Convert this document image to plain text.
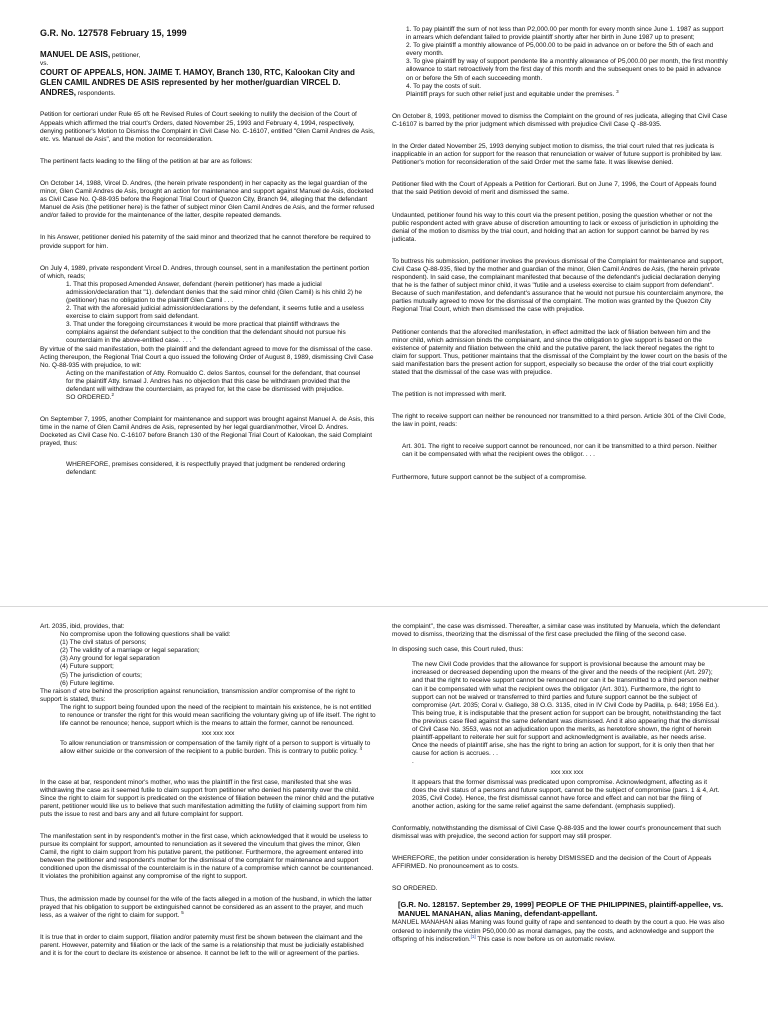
G.R. No. 127578 February 15, 1999
MANUEL DE ASIS, petitioner,
vs.
COURT OF APPEALS, HON. JAIME T. HAMOY, Branch 130, RTC, Kalookan City and GLEN CAMIL ANDRES DE ASIS represented by her mother/guardian VIRCEL D. ANDRES, respondents.

Petition for certiorari under Rule 65 oft he Revised Rules of Court seeking to nullify the decision of the Court of Appeals which affirmed the trial court's Orders, dated November 25, 1993 and February 4, 1994, respectively, denying petitioner's Motion to Dismiss the Complaint in Civil Case No. C-16107, entitled "Glen Camil Andres de Asis, etc. vs. Manuel de Asis", and the motion for reconsideration.

The pertinent facts leading to the filing of the petition at bar are as follows:

On October 14, 1988, Vircel D. Andres, (the herein private respondent) in her capacity as the legal guardian of the minor, Glen Camil Andres de Asis, brought an action for maintenance and support against Manuel de Asis, docketed as Civil Case No. Q-88-935 before the Regional Trial Court of Quezon City, Branch 94, alleging that the defendant Manuel de Asis (the petitioner here) is the father of subject minor Glen Camil Andres de Asis, and the former refused and/or failed to provide for the maintenance of the latter, despite repeated demands.

In his Answer, petitioner denied his paternity of the said minor and theorized that he cannot therefore be required to provide support for him.

On July 4, 1989, private respondent Vircel D. Andres, through counsel, sent in a manifestation the pertinent portion of which, reads;

1. That this proposed Amended Answer, defendant (herein petitioner) has made a judicial admission/declaration that "1). defendant denies that the said minor child (Glen Camil) is his child 2) he (petitioner) has no obligation to the plaintiff Glen Camil . . .
2. That with the aforesaid judicial admission/declarations by the defendant, it seems futile and a useless exercise to claim support from said defendant.
3. That under the foregoing circumstances it would be more practical that plaintiff withdraws the complains against the defendant subject to the condition that the defendant should not pursue his counterclaim in the above-entitled case. . . . $^1$

By virtue of the said manifestation, both the plaintiff and the defendant agreed to move for the dismissal of the case. Acting thereupon, the Regional Trial Court a quo issued the following Order of August 8, 1989, dismissing Civil Case No. Q-88-935 with prejudice, to wit:

Acting on the manifestation of Atty. Romualdo C. delos Santos, counsel for the defendant, that counsel for the plaintiff Atty. Ismael J. Andres has no objection that this case be withdrawn provided that the defendant will withdraw the counterclaim, as prayed for, let the case be dismissed with prejudice.
SO ORDERED.$^2$

On September 7, 1995, another Complaint for maintenance and support was brought against Manuel A. de Asis, this time in the name of Glen Camil Andres de Asis, represented by her legal guardian/mother, Vircel D. Andres. Docketed as Civil Case No. C-16107 before Branch 130 of the Regional Trial Court of Kalookan, the said Complaint prayed, thus:

WHEREFORE, premises considered, it is respectfully prayed that judgment be rendered ordering defendant:

1. To pay plaintiff the sum of not less than P2,000.00 per month for every month since June 1. 1987 as support in arrears which defendant failed to provide plaintiff shortly after her birth in June 1987 up to present;
2. To give plaintiff a monthly allowance of P5,000.00 to be paid in advance on or before the 5th of each and every month.
3. To give plaintiff by way of support pendente lite a monthly allowance of P5,000.00 per month, the first monthly allowance to start retroactively from the first day of this month and the subsequent ones to be paid in advance on or before the 5th of each succeeding month.
4. To pay the costs of suit.
Plaintiff prays for such other relief just and equitable under the premises. $^3$

On October 8, 1993, petitioner moved to dismiss the Complaint on the ground of res judicata, alleging that Civil Case C-16107 is barred by the prior judgment which dismissed with prejudice Civil Case Q -88-935.

In the Order dated November 25, 1993 denying subject motion to dismiss, the trial court ruled that res judicata is inapplicable in an action for support for the reason that renunciation or waiver of future support is prohibited by law. Petitioner's motion for reconsideration of the said Order met the same fate. It was likewise denied.

Petitioner filed with the Court of Appeals a Petition for Certiorari. But on June 7, 1996, the Court of Appeals found that the said Petition devoid of merit and dismissed the same.

Undaunted, petitioner found his way to this court via the present petition, posing the question whether or not the public respondent acted with grave abuse of discretion amounting to lack or excess of jurisdiction in upholding the denial of the motion to dismiss by the trial court, and holding that an action for support cannot be barred by res judicata.

To buttress his submission, petitioner invokes the previous dismissal of the Complaint for maintenance and support, Civil Case Q-88-935, filed by the mother and guardian of the minor, Glen Camil Andres de Asis, (the herein private respondent). In said case, the complainant manifested that because of the defendant's judicial declaration denying that he is the father of subject minor child, it was "futile and a useless exercise to claim support from defendant". Because of such manifestation, and defendant's assurance that he would not pursue his counterclaim anymore, the parties mutually agreed to move for the dismissal of the complaint. The motion was granted by the Quezon City Regional Trial Court, which then dismissed the case with prejudice.

Petitioner contends that the aforecited manifestation, in effect admitted the lack of filiation between him and the minor child, which admission binds the complainant, and since the obligation to give support is based on the existence of paternity and filiation between the child and the putative parent, the lack thereof negates the right to claim for support. Thus, petitioner maintains that the dismissal of the Complaint by the lower court on the basis of the said manifestation bars the present action for support, especially so because the order of the trial court explicitly stated that the dismissal of the case was with prejudice.

The petition is not impressed with merit.

The right to receive support can neither be renounced nor transmitted to a third person. Article 301 of the Civil Code, the law in point, reads:

Art. 301. The right to receive support cannot be renounced, nor can it be transmitted to a third person. Neither can it be compensated with what the recipient owes the obligor. . . .

Furthermore, future support cannot be the subject of a compromise.

Art. 2035, ibid, provides, that:
No compromise upon the following questions shall be valid:
(1) The civil status of persons;
(2) The validity of a marriage or legal separation;
(3) Any ground for legal separation
(4) Future support;
(5) The jurisdiction of courts;
(6) Future legitime.
The raison d' etre behind the proscription against renunciation, transmission and/or compromise of the right to support is stated, thus:
The right to support being founded upon the need of the recipient to maintain his existence, he is not entitled to renounce or transfer the right for this would mean sacrificing the voluntary giving up of life itself. The right to life cannot be renounce; hence, support which is the means to attain the former, cannot be renounced.
xxx xxx xxx
To allow renunciation or transmission or compensation of the family right of a person to support is virtually to allow either suicide or the conversion of the recipient to a public burden. This is contrary to public policy. $^4$

In the case at bar, respondent minor's mother, who was the plaintiff in the first case, manifested that she was withdrawing the case as it seemed futile to claim support from petitioner who denied his paternity over the child. Since the right to claim for support is predicated on the existence of filiation between the minor child and the putative parent, petitioner would like us to believe that such manifestation admitting the futility of claiming support from him puts the issue to rest and bars any and all future complaint for support.

The manifestation sent in by respondent's mother in the first case, which acknowledged that it would be useless to pursue its complaint for support, amounted to renunciation as it severed the vinculum that gives the minor, Glen Camil, the right to claim support from his putative parent, the petitioner. Furthermore, the agreement entered into between the petitioner and respondent's mother for the dismissal of the complaint for maintenance and support conditioned upon the dismissal of the counterclaim is in the nature of a compromise which cannot be countenanced. It violates the prohibition against any compromise of the right to support.

Thus, the admission made by counsel for the wife of the facts alleged in a motion of the husband, in which the latter prayed that his obligation to support be extinguished cannot be considered as an assent to the prayer, and much less, as a waiver of the right to claim for support. $^5$

It is true that in order to claim support, filiation and/or paternity must first be shown between the claimant and the parent. However, paternity and filiation or the lack of the same is a relationship that must be judicially established and it is for the court to declare its existence or absence. It cannot be left to the will or agreement of the parties.

the complaint", the case was dismissed. Thereafter, a similar case was instituted by Manuela, which the defendant moved to dismiss, theorizing that the dismissal of the first case precluded the filing of the second case.

In disposing such case, this Court ruled, thus:

The new Civil Code provides that the allowance for support is provisional because the amount may be increased or decreased depending upon the means of the giver and the needs of the recipient (Art. 297); and that the right to receive support cannot be renounced nor can it be transmitted to a third person neither can it be compensated with what the recipient owes the obligator (Art. 301). Furthermore, the right to support can not be waived or transferred to third parties and future support cannot be the subject of compromise (Art. 2035; Coral v. Gallego, 38 O.G. 3135, cited in IV Civil Code by Padilla, p. 648; 1956 Ed.). This being true, it is indisputable that the present action for support can be brought, notwithstanding the fact the previous case filed against the same defendant was dismissed. And it also appearing that the dismissal of Civil Case No. 3553, was not an adjudication upon the merits, as heretofore shown, the right of herein plaintiff-appellant to reiterate her suit for support and acknowledgment is available, as her needs arise. Once the needs of plaintiff arise, she has the right to bring an action for support, for it is only then that her cause for action is accrues. . .
.
xxx xxx xxx
It appears that the former dismissal was predicated upon compromise. Acknowledgment, affecting as it does the civil status of a persons and future support, cannot be the subject of compromise (pars. 1 & 4, Art. 2035, Civil Code). Hence, the first dismissal cannot have force and effect and can not bar the filing of another action, asking for the same relief against the same defendant. (emphasis supplied).

Conformably, notwithstanding the dismissal of Civil Case Q-88-935 and the lower court's pronouncement that such dismissal was with prejudice, the second action for support may still prosper.

WHEREFORE, the petition under consideration is hereby DISMISSED and the decision of the Court of Appeals AFFIRMED. No pronouncement as to costs.

SO ORDERED.

[G.R. No. 128157. September 29, 1999] PEOPLE OF THE PHILIPPINES, plaintiff-appellee, vs. MANUEL MANAHAN, alias Maning, defendant-appellant.
MANUEL MANAHAN alias Maning was found guilty of rape and sentenced to death by the court a quo. He was also ordered to indemnify the victim P50,000.00 as moral damages, pay the costs, and acknowledge and support the offspring of his indiscretion.[1] This case is now before us on automatic review.
